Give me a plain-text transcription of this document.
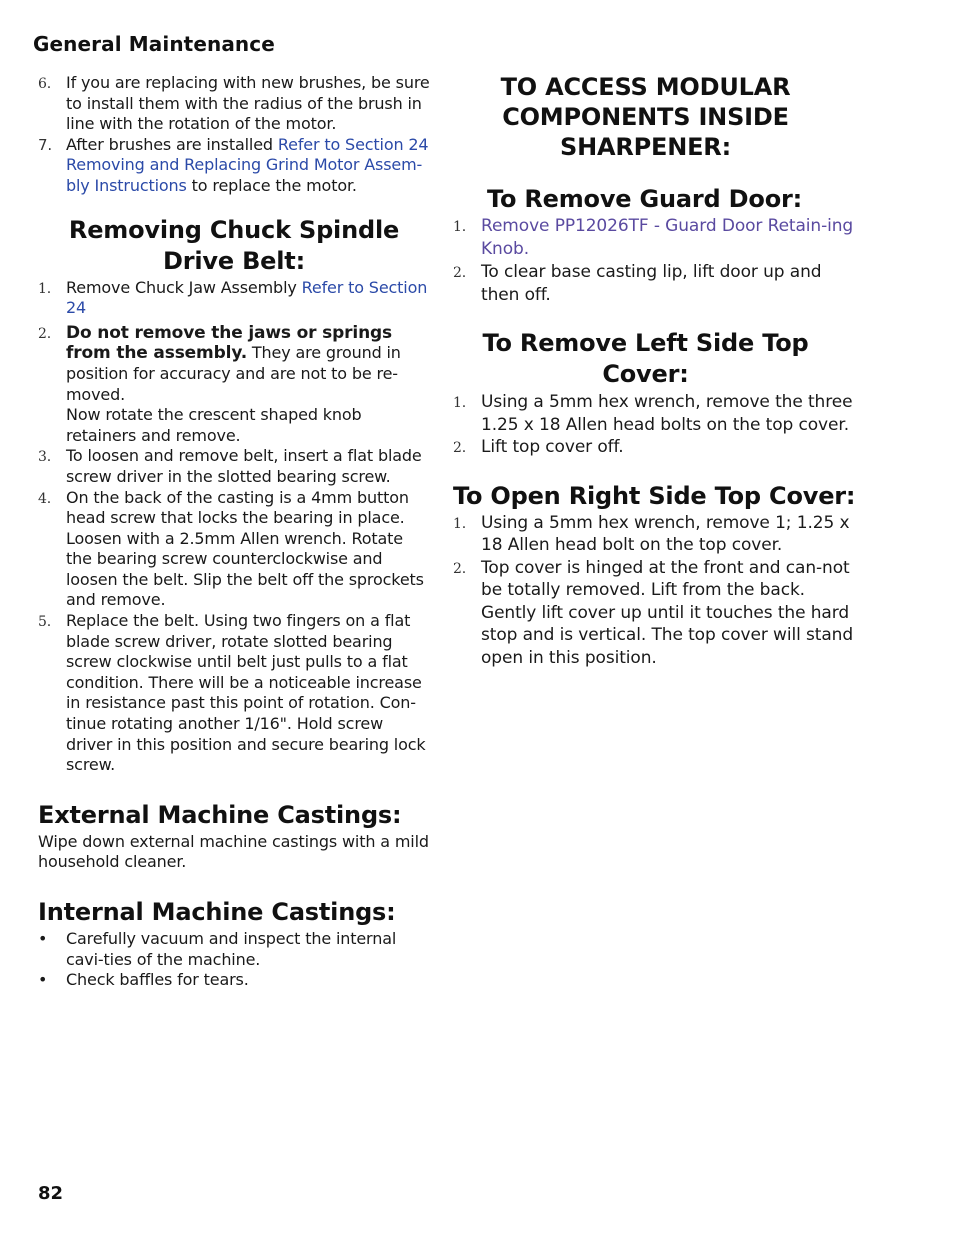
General Maintenance
6. If you are replacing with new brushes, be sure to install them with the radius of the brush in line with the rotation of the motor.
7. After brushes are installed Refer to Section 24 Removing and Replacing Grind Motor Assem-bly Instructions to replace the motor.
Removing Chuck Spindle Drive Belt:
1. Remove Chuck Jaw Assembly Refer to Section 24
2. Do not remove the jaws or springs from the assembly. They are ground in position for accuracy and are not to be re-moved.
Now rotate the crescent shaped knob retainers and remove.
3. To loosen and remove belt, insert a flat blade screw driver in the slotted bearing screw.
4. On the back of the casting is a 4mm button head screw that locks the bearing in place. Loosen with a 2.5mm Allen wrench. Rotate the bearing screw counterclockwise and loosen the belt. Slip the belt off the sprockets and remove.
5. Replace the belt. Using two fingers on a flat blade screw driver, rotate slotted bearing screw clockwise until belt just pulls to a flat condition. There will be a noticeable increase in resistance past this point of rotation. Con-tinue rotating another 1/16". Hold screw driver in this position and secure bearing lock screw.
External Machine Castings:
Wipe down external machine castings with a mild household cleaner.
Internal Machine Castings:
• Carefully vacuum and inspect the internal cavi-ties of the machine.
• Check baffles for tears.
TO ACCESS MODULAR COMPONENTS INSIDE SHARPENER:
To Remove Guard Door:
1. Remove PP12026TF - Guard Door Retain-ing Knob.
2. To clear base casting lip, lift door up and then off.
To Remove Left Side Top Cover:
1. Using a 5mm hex wrench, remove the three 1.25 x 18 Allen head bolts on the top cover.
2. Lift top cover off.
To Open Right Side Top Cover:
1. Using a 5mm hex wrench, remove 1; 1.25 x 18 Allen head bolt on the top cover.
2. Top cover is hinged at the front and can-not be totally removed. Lift from the back. Gently lift cover up until it touches the hard stop and is vertical. The top cover will stand open in this position.
82
